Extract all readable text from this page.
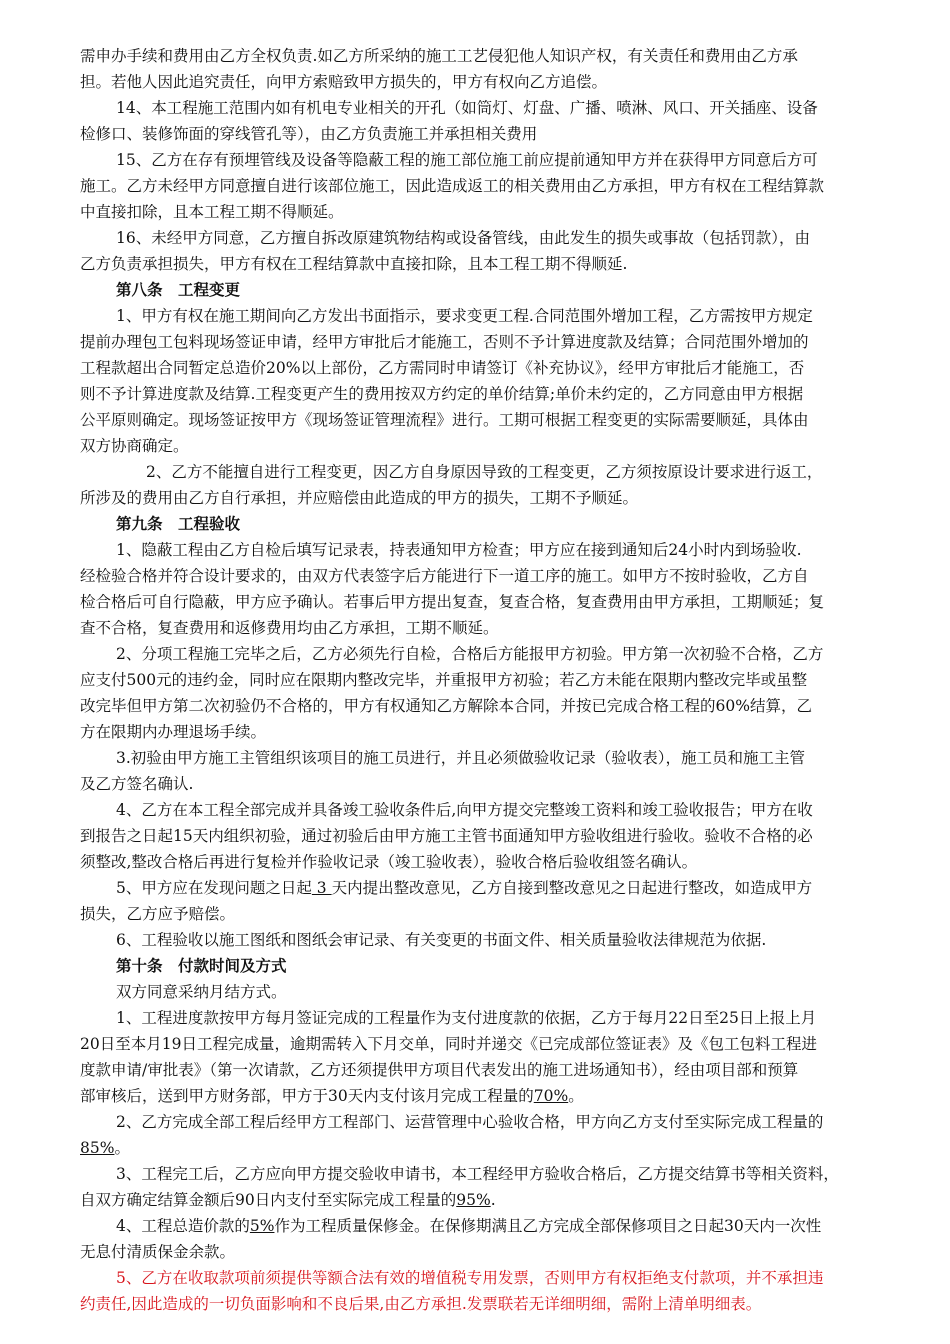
需申办手续和费用由乙方全权负责.如乙方所采纳的施工工艺侵犯他人知识产权，有关责任和费用由乙方承
担。若他人因此追究责任，向甲方索赔致甲方损失的，甲方有权向乙方追偿。
14、本工程施工范围内如有机电专业相关的开孔（如筒灯、灯盘、广播、喷淋、风口、开关插座、设备
检修口、装修饰面的穿线管孔等），由乙方负责施工并承担相关费用
15、乙方在存有预埋管线及设备等隐蔽工程的施工部位施工前应提前通知甲方并在获得甲方同意后方可
施工。乙方未经甲方同意擅自进行该部位施工，因此造成返工的相关费用由乙方承担，甲方有权在工程结算款
中直接扣除，且本工程工期不得顺延。
16、未经甲方同意，乙方擅自拆改原建筑物结构或设备管线，由此发生的损失或事故（包括罚款），由
乙方负责承担损失，甲方有权在工程结算款中直接扣除，且本工程工期不得顺延.
第八条　工程变更
1、甲方有权在施工期间向乙方发出书面指示，要求变更工程.合同范围外增加工程，乙方需按甲方规定
提前办理包工包料现场签证申请，经甲方审批后才能施工，否则不予计算进度款及结算；合同范围外增加的
工程款超出合同暂定总造价20%以上部份，乙方需同时申请签订《补充协议》，经甲方审批后才能施工，否
则不予计算进度款及结算.工程变更产生的费用按双方约定的单价结算;单价未约定的，乙方同意由甲方根据
公平原则确定。现场签证按甲方《现场签证管理流程》进行。工期可根据工程变更的实际需要顺延，具体由
双方协商确定。
2、乙方不能擅自进行工程变更，因乙方自身原因导致的工程变更，乙方须按原设计要求进行返工，
所涉及的费用由乙方自行承担，并应赔偿由此造成的甲方的损失，工期不予顺延。
第九条　工程验收
1、隐蔽工程由乙方自检后填写记录表，持表通知甲方检查；甲方应在接到通知后24小时内到场验收.
经检验合格并符合设计要求的，由双方代表签字后方能进行下一道工序的施工。如甲方不按时验收，乙方自
检合格后可自行隐蔽，甲方应予确认。若事后甲方提出复查，复查合格，复查费用由甲方承担，工期顺延；复
查不合格，复查费用和返修费用均由乙方承担，工期不顺延。
2、分项工程施工完毕之后，乙方必须先行自检，合格后方能报甲方初验。甲方第一次初验不合格，乙方
应支付500元的违约金，同时应在限期内整改完毕，并重报甲方初验；若乙方未能在限期内整改完毕或虽整
改完毕但甲方第二次初验仍不合格的，甲方有权通知乙方解除本合同，并按已完成合格工程的60%结算，乙
方在限期内办理退场手续。
3.初验由甲方施工主管组织该项目的施工员进行，并且必须做验收记录（验收表），施工员和施工主管
及乙方签名确认.
4、乙方在本工程全部完成并具备竣工验收条件后,向甲方提交完整竣工资料和竣工验收报告；甲方在收
到报告之日起15天内组织初验，通过初验后由甲方施工主管书面通知甲方验收组进行验收。验收不合格的必
须整改,整改合格后再进行复检并作验收记录（竣工验收表），验收合格后验收组签名确认。
5、甲方应在发现问题之日起 3 天内提出整改意见，乙方自接到整改意见之日起进行整改，如造成甲方
损失，乙方应予赔偿。
6、工程验收以施工图纸和图纸会审记录、有关变更的书面文件、相关质量验收法律规范为依据.
第十条　付款时间及方式
双方同意采纳月结方式。
1、工程进度款按甲方每月签证完成的工程量作为支付进度款的依据，乙方于每月22日至25日上报上月
20日至本月19日工程完成量，逾期需转入下月交单，同时并递交《已完成部位签证表》及《包工包料工程进
度款申请/审批表》（第一次请款，乙方还须提供甲方项目代表发出的施工进场通知书），经由项目部和预算
部审核后，送到甲方财务部，甲方于30天内支付该月完成工程量的70%。
2、乙方完成全部工程后经甲方工程部门、运营管理中心验收合格，甲方向乙方支付至实际完成工程量的
85%。
3、工程完工后，乙方应向甲方提交验收申请书，本工程经甲方验收合格后，乙方提交结算书等相关资料，
自双方确定结算金额后90日内支付至实际完成工程量的95%.
4、工程总造价款的5%作为工程质量保修金。在保修期满且乙方完成全部保修项目之日起30天内一次性
无息付清质保金余款。
5、乙方在收取款项前须提供等额合法有效的增值税专用发票，否则甲方有权拒绝支付款项，并不承担违
约责任,因此造成的一切负面影响和不良后果,由乙方承担.发票联若无详细明细，需附上清单明细表。
